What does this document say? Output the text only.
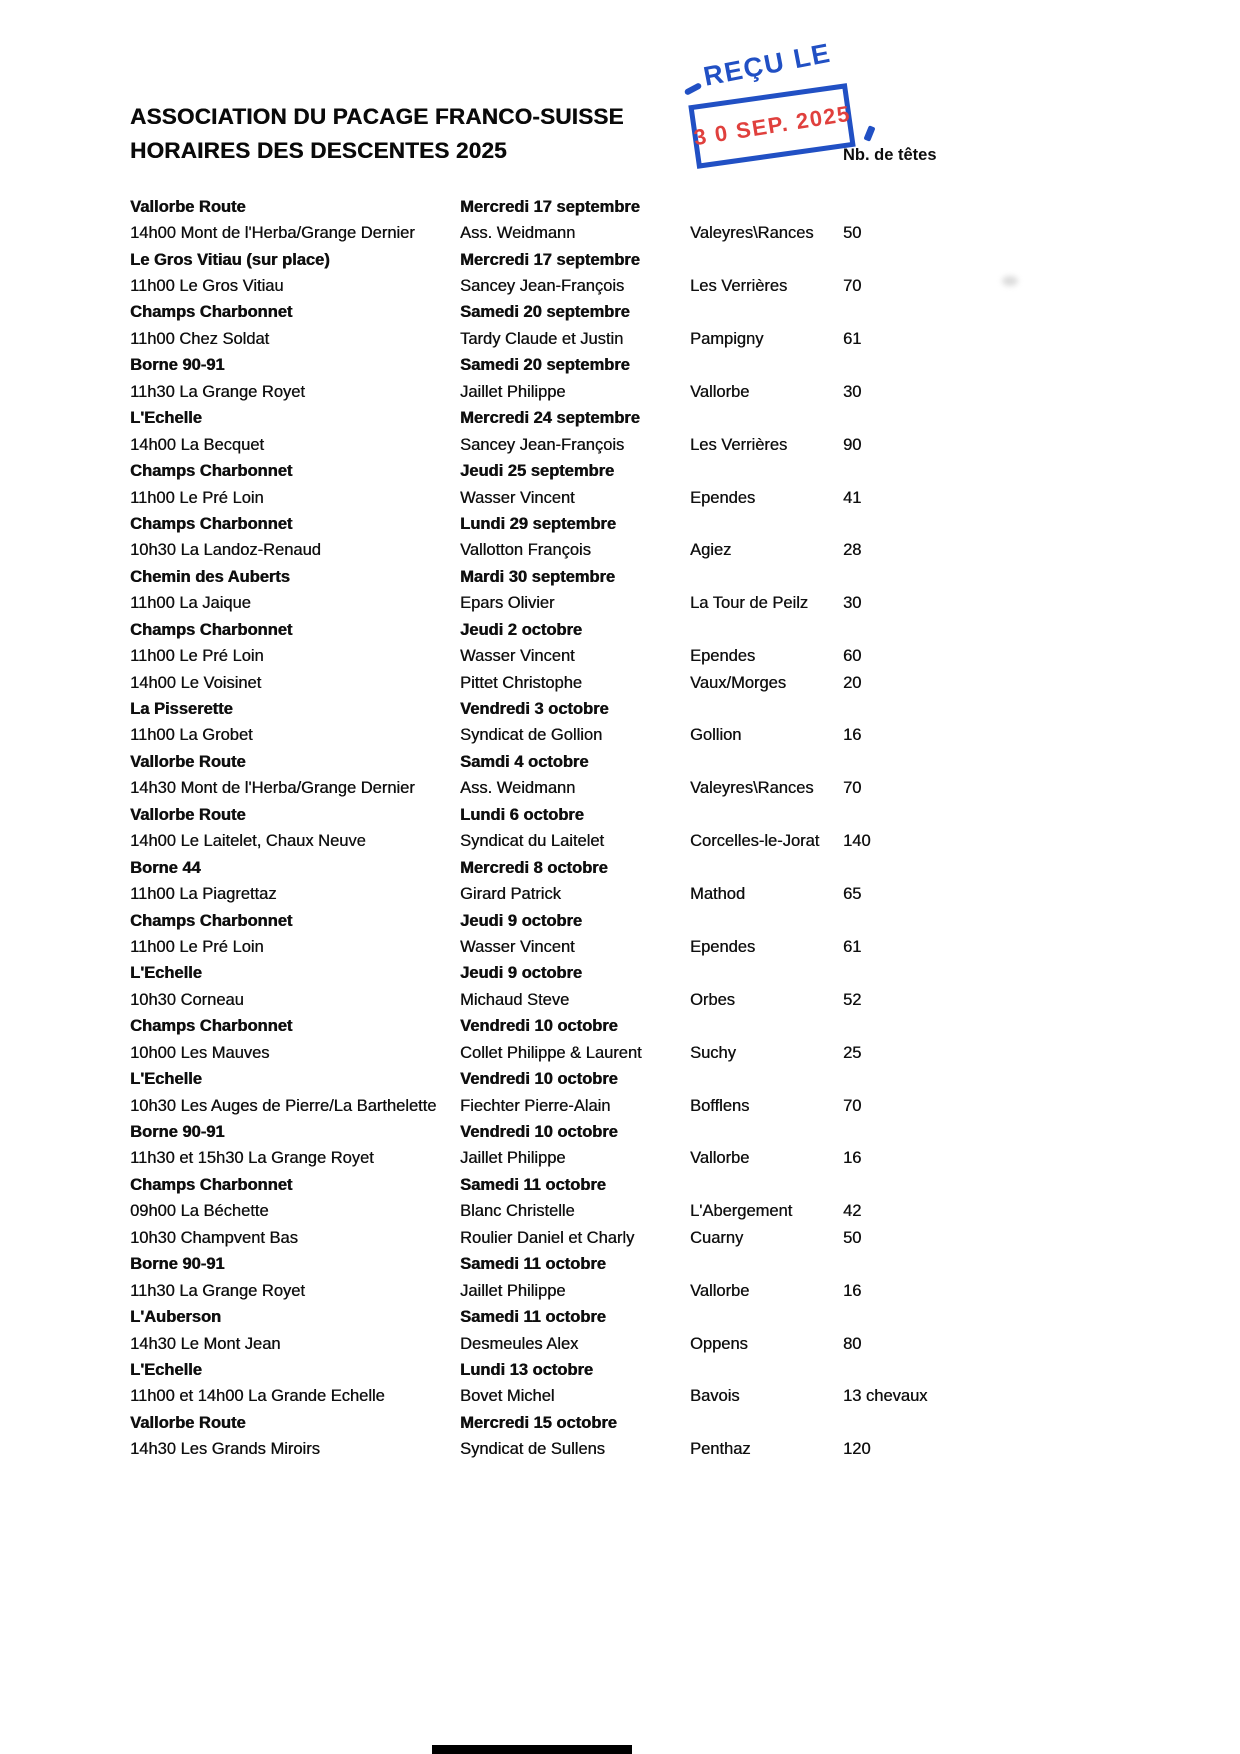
ASSOCIATION DU PACAGE FRANCO-SUISSE
HORAIRES DES DESCENTES 2025
REÇU LE
3 0 SEP. 2025
Nb. de têtes
Vallorbe Route	Mercredi 17 septembre
14h00 Mont de l'Herba/Grange Dernier	Ass. Weidmann	Valeyres\Rances	50
Le Gros Vitiau (sur place)	Mercredi 17 septembre
11h00 Le Gros Vitiau	Sancey Jean-François	Les Verrières	70
Champs Charbonnet	Samedi 20 septembre
11h00 Chez Soldat	Tardy Claude et Justin	Pampigny	61
Borne 90-91	Samedi 20 septembre
11h30 La Grange Royet	Jaillet Philippe	Vallorbe	30
L'Echelle	Mercredi 24 septembre
14h00 La Becquet	Sancey Jean-François	Les Verrières	90
Champs Charbonnet	Jeudi 25 septembre
11h00 Le Pré Loin	Wasser Vincent	Ependes	41
Champs Charbonnet	Lundi 29 septembre
10h30 La Landoz-Renaud	Vallotton François	Agiez	28
Chemin des Auberts	Mardi 30 septembre
11h00 La Jaique	Epars Olivier	La Tour de Peilz	30
Champs Charbonnet	Jeudi 2 octobre
11h00 Le Pré Loin	Wasser Vincent	Ependes	60
14h00 Le Voisinet	Pittet Christophe	Vaux/Morges	20
La Pisserette	Vendredi 3 octobre
11h00 La Grobet	Syndicat de Gollion	Gollion	16
Vallorbe Route	Samdi 4 octobre
14h30 Mont de l'Herba/Grange Dernier	Ass. Weidmann	Valeyres\Rances	70
Vallorbe Route	Lundi 6 octobre
14h00 Le Laitelet, Chaux Neuve	Syndicat du Laitelet	Corcelles-le-Jorat	140
Borne 44	Mercredi 8 octobre
11h00 La Piagrettaz	Girard Patrick	Mathod	65
Champs Charbonnet	Jeudi 9 octobre
11h00 Le Pré Loin	Wasser Vincent	Ependes	61
L'Echelle	Jeudi 9 octobre
10h30 Corneau	Michaud Steve	Orbes	52
Champs Charbonnet	Vendredi 10 octobre
10h00 Les Mauves	Collet Philippe & Laurent	Suchy	25
L'Echelle	Vendredi 10 octobre
10h30 Les Auges de Pierre/La Barthelette	Fiechter Pierre-Alain	Bofflens	70
Borne 90-91	Vendredi 10 octobre
11h30 et 15h30 La Grange Royet	Jaillet Philippe	Vallorbe	16
Champs Charbonnet	Samedi 11 octobre
09h00 La Béchette	Blanc Christelle	L'Abergement	42
10h30 Champvent Bas	Roulier Daniel et Charly	Cuarny	50
Borne 90-91	Samedi 11 octobre
11h30 La Grange Royet	Jaillet Philippe	Vallorbe	16
L'Auberson	Samedi 11 octobre
14h30 Le Mont Jean	Desmeules Alex	Oppens	80
L'Echelle	Lundi 13 octobre
11h00 et 14h00 La Grande Echelle	Bovet Michel	Bavois	13 chevaux
Vallorbe Route	Mercredi 15 octobre
14h30 Les Grands Miroirs	Syndicat de Sullens	Penthaz	120
